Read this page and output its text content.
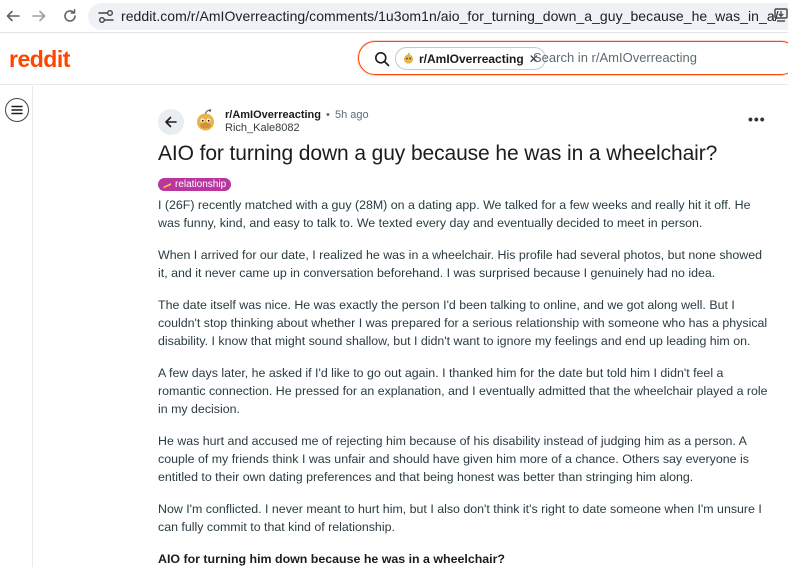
reddit.com/r/AmIOverreacting/comments/1u3om1n/aio_for_turning_down_a_guy_because_he_was_in_a/
reddit	r/AmIOverreacting ✕
Search in r/AmIOverreacting
r/AmIOverreacting • 5h ago
Rich_Kale8082
•••
AIO for turning down a guy because he was in a wheelchair?
relationship

I (26F) recently matched with a guy (28M) on a dating app. We talked for a few weeks and really hit it off. He was funny, kind, and easy to talk to. We texted every day and eventually decided to meet in person.

When I arrived for our date, I realized he was in a wheelchair. His profile had several photos, but none showed it, and it never came up in conversation beforehand. I was surprised because I genuinely had no idea.

The date itself was nice. He was exactly the person I'd been talking to online, and we got along well. But I couldn't stop thinking about whether I was prepared for a serious relationship with someone who has a physical disability. I know that might sound shallow, but I didn't want to ignore my feelings and end up leading him on.

A few days later, he asked if I'd like to go out again. I thanked him for the date but told him I didn't feel a romantic connection. He pressed for an explanation, and I eventually admitted that the wheelchair played a role in my decision.

He was hurt and accused me of rejecting him because of his disability instead of judging him as a person. A couple of my friends think I was unfair and should have given him more of a chance. Others say everyone is entitled to their own dating preferences and that being honest was better than stringing him along.

Now I'm conflicted. I never meant to hurt him, but I also don't think it's right to date someone when I'm unsure I can fully commit to that kind of relationship.

AIO for turning him down because he was in a wheelchair?
